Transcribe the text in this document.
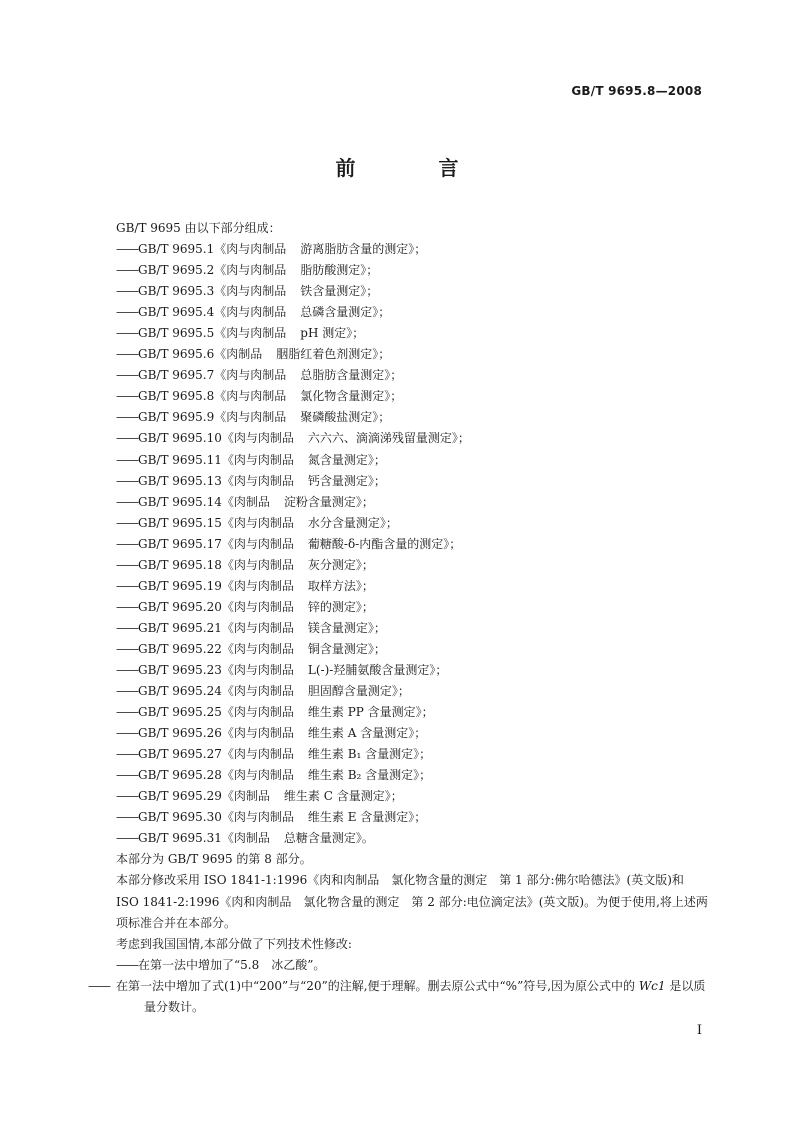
GB/T 9695.8—2008
前 言
GB/T 9695 由以下部分组成：
——GB/T 9695.1《肉与肉制品 游离脂肪含量的测定》；
——GB/T 9695.2《肉与肉制品 脂肪酸测定》；
——GB/T 9695.3《肉与肉制品 铁含量测定》；
——GB/T 9695.4《肉与肉制品 总磷含量测定》；
——GB/T 9695.5《肉与肉制品 pH 测定》；
——GB/T 9695.6《肉制品 胭脂红着色剂测定》；
——GB/T 9695.7《肉与肉制品 总脂肪含量测定》；
——GB/T 9695.8《肉与肉制品 氯化物含量测定》；
——GB/T 9695.9《肉与肉制品 聚磷酸盐测定》；
——GB/T 9695.10《肉与肉制品 六六六、滴滴涕残留量测定》；
——GB/T 9695.11《肉与肉制品 氮含量测定》；
——GB/T 9695.13《肉与肉制品 钙含量测定》；
——GB/T 9695.14《肉制品 淀粉含量测定》；
——GB/T 9695.15《肉与肉制品 水分含量测定》；
——GB/T 9695.17《肉与肉制品 葡糖酸-δ-内酯含量的测定》；
——GB/T 9695.18《肉与肉制品 灰分测定》；
——GB/T 9695.19《肉与肉制品 取样方法》；
——GB/T 9695.20《肉与肉制品 锌的测定》；
——GB/T 9695.21《肉与肉制品 镁含量测定》；
——GB/T 9695.22《肉与肉制品 铜含量测定》；
——GB/T 9695.23《肉与肉制品 L(-)-羟脯氨酸含量测定》；
——GB/T 9695.24《肉与肉制品 胆固醇含量测定》；
——GB/T 9695.25《肉与肉制品 维生素 PP 含量测定》；
——GB/T 9695.26《肉与肉制品 维生素 A 含量测定》；
——GB/T 9695.27《肉与肉制品 维生素 B₁ 含量测定》；
——GB/T 9695.28《肉与肉制品 维生素 B₂ 含量测定》；
——GB/T 9695.29《肉制品 维生素 C 含量测定》；
——GB/T 9695.30《肉与肉制品 维生素 E 含量测定》；
——GB/T 9695.31《肉制品 总糖含量测定》。
本部分为 GB/T 9695 的第 8 部分。
本部分修改采用 ISO 1841-1:1996《肉和肉制品　氯化物含量的测定　第 1 部分:佛尔哈德法》(英文版)和 ISO 1841-2:1996《肉和肉制品　氯化物含量的测定　第 2 部分:电位滴定法》(英文版)。为便于使用,将上述两项标准合并在本部分。
考虑到我国国情,本部分做了下列技术性修改:
——在第一法中增加了“5.8　冰乙酸”。
—— 在第一法中增加了式(1)中“200”与“20”的注解,便于理解。删去原公式中“%”符号,因为原公式中的 Wc1 是以质量分数计。
I
